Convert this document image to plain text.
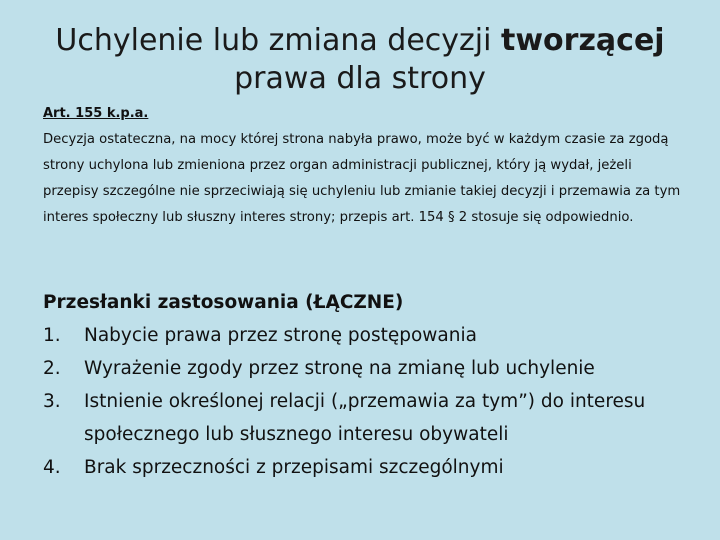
Uchylenie lub zmiana decyzji tworzącej
prawa dla strony
Art. 155 k.p.a.
Decyzja ostateczna, na mocy której strona nabyła prawo, może być w każdym czasie za zgodą strony uchylona lub zmieniona przez organ administracji publicznej, który ją wydał, jeżeli przepisy szczególne nie sprzeciwiają się uchyleniu lub zmianie takiej decyzji i przemawia za tym interes społeczny lub słuszny interes strony; przepis art. 154 § 2 stosuje się odpowiednio.
Przesłanki zastosowania (ŁĄCZNE)
1.	Nabycie prawa przez stronę postępowania
2.	Wyrażenie zgody przez stronę na zmianę lub uchylenie
3.	Istnienie określonej relacji („przemawia za tym”) do interesu społecznego lub słusznego interesu obywateli
4.	Brak sprzeczności z przepisami szczególnymi
